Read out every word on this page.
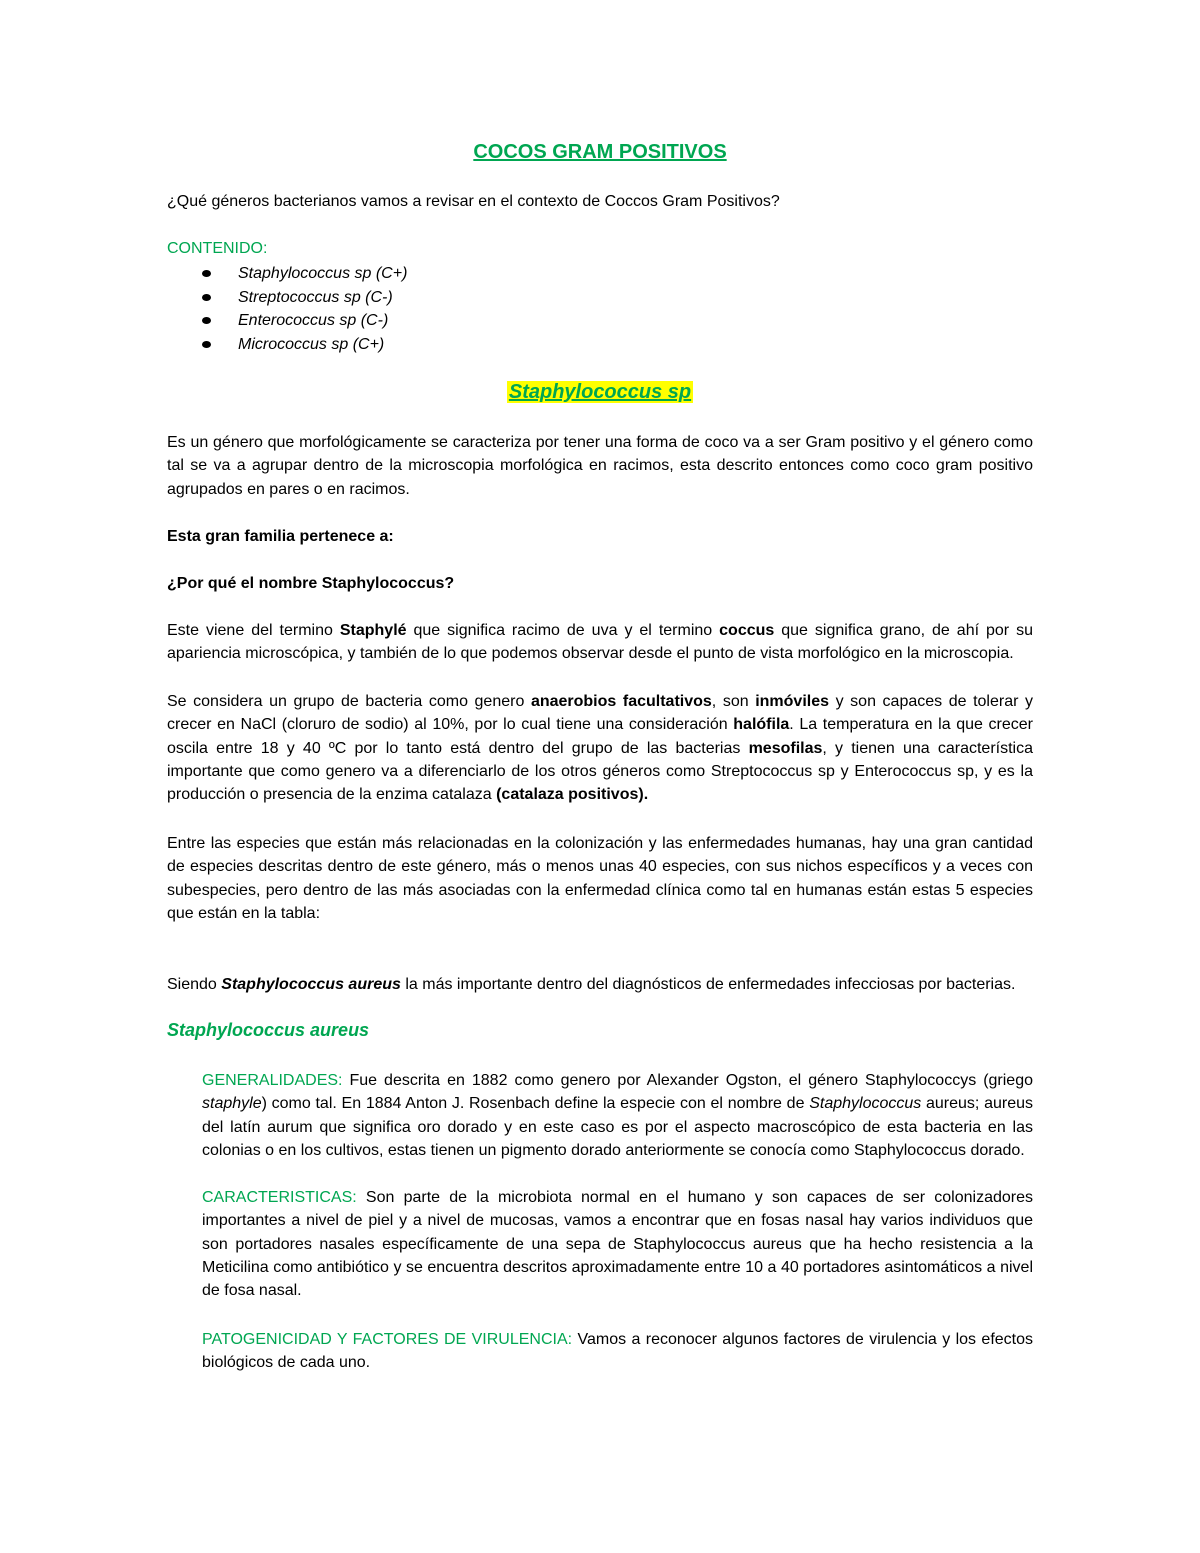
COCOS GRAM POSITIVOS

¿Qué géneros bacterianos vamos a revisar en el contexto de Coccos Gram Positivos?

CONTENIDO:

Staphylococcus sp (C+)
Streptococcus sp (C-)
Enterococcus sp (C-)
Micrococcus sp (C+)
Staphylococcus sp

Es un género que morfológicamente se caracteriza por tener una forma de coco va a ser Gram positivo y el género como tal se va a agrupar dentro de la microscopia morfológica en racimos, esta descrito entonces como coco gram positivo agrupados en pares o en racimos.

Esta gran familia pertenece a:

¿Por qué el nombre Staphylococcus?

Este viene del termino Staphylé que significa racimo de uva y el termino coccus que significa grano, de ahí por su apariencia microscópica, y también de lo que podemos observar desde el punto de vista morfológico en la microscopia.

Se considera un grupo de bacteria como genero anaerobios facultativos, son inmóviles y son capaces de tolerar y crecer en NaCl (cloruro de sodio) al 10%, por lo cual tiene una consideración halófila. La temperatura en la que crecer oscila entre 18 y 40 ºC por lo tanto está dentro del grupo de las bacterias mesofilas, y tienen una característica importante que como genero va a diferenciarlo de los otros géneros como Streptococcus sp y Enterococcus sp, y es la producción o presencia de la enzima catalaza (catalaza positivos).

Entre las especies que están más relacionadas en la colonización y las enfermedades humanas, hay una gran cantidad de especies descritas dentro de este género, más o menos unas 40 especies, con sus nichos específicos y a veces con subespecies, pero dentro de las más asociadas con la enfermedad clínica como tal en humanas están estas 5 especies que están en la tabla:

Siendo Staphylococcus aureus la más importante dentro del diagnósticos de enfermedades infecciosas por bacterias.

Staphylococcus aureus

GENERALIDADES: Fue descrita en 1882 como genero por Alexander Ogston, el género Staphylococcys (griego staphyle) como tal. En 1884 Anton J. Rosenbach define la especie con el nombre de Staphylococcus aureus; aureus del latín aurum que significa oro dorado y en este caso es por el aspecto macroscópico de esta bacteria en las colonias o en los cultivos, estas tienen un pigmento dorado anteriormente se conocía como Staphylococcus dorado.

CARACTERISTICAS: Son parte de la microbiota normal en el humano y son capaces de ser colonizadores importantes a nivel de piel y a nivel de mucosas, vamos a encontrar que en fosas nasal hay varios individuos que son portadores nasales específicamente de una sepa de Staphylococcus aureus que ha hecho resistencia a la Meticilina como antibiótico y se encuentra descritos aproximadamente entre 10 a 40 portadores asintomáticos a nivel de fosa nasal.

PATOGENICIDAD Y FACTORES DE VIRULENCIA: Vamos a reconocer algunos factores de virulencia y los efectos biológicos de cada uno.
